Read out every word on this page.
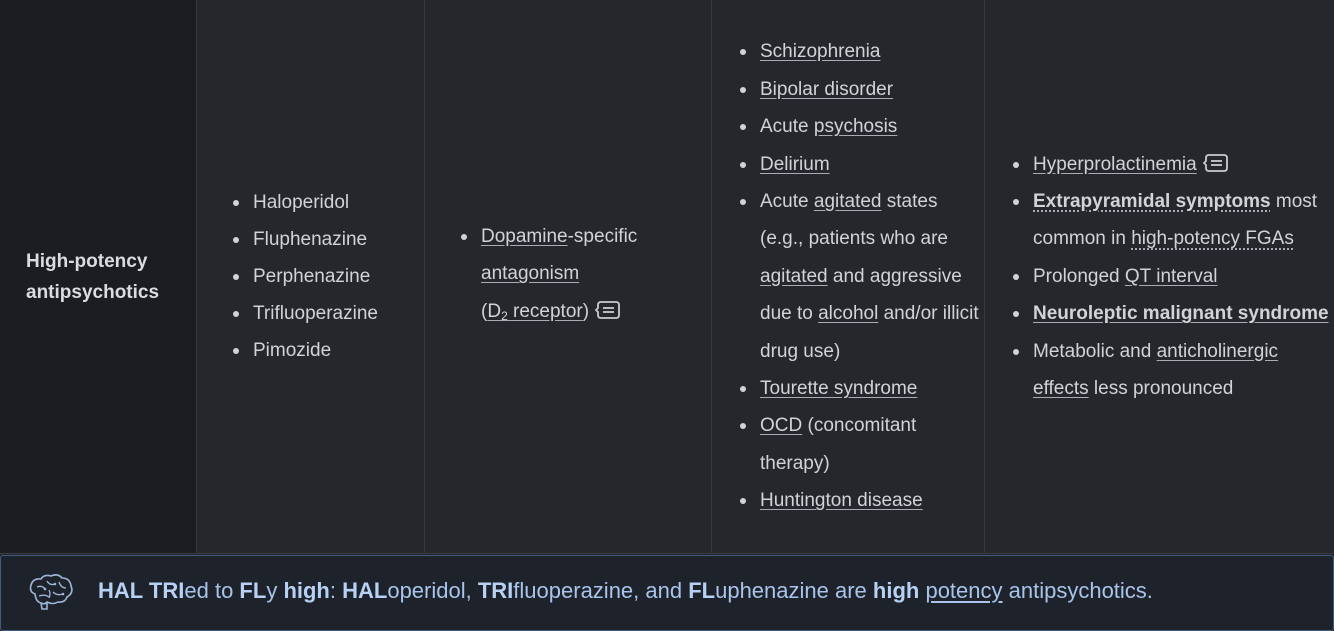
High-potency
antipsychotics
Haloperidol
Fluphenazine
Perphenazine
Trifluoperazine
Pimozide
Dopamine-specific
antagonism
($D_2$ receptor)
Schizophrenia
Bipolar disorder
Acute psychosis
Delirium
Acute agitated states (e.g., patients who are agitated and aggressive due to alcohol and/or illicit drug use)
Tourette syndrome
OCD (concomitant therapy)
Huntington disease
Hyperprolactinemia
Extrapyramidal symptoms most common in high-potency FGAs
Prolonged QT interval
Neuroleptic malignant syndrome
Metabolic and anticholinergic effects less pronounced
HAL TRIed to FLy high: HALoperidol, TRIfluoperazine, and FLuphenazine are high potency antipsychotics.
